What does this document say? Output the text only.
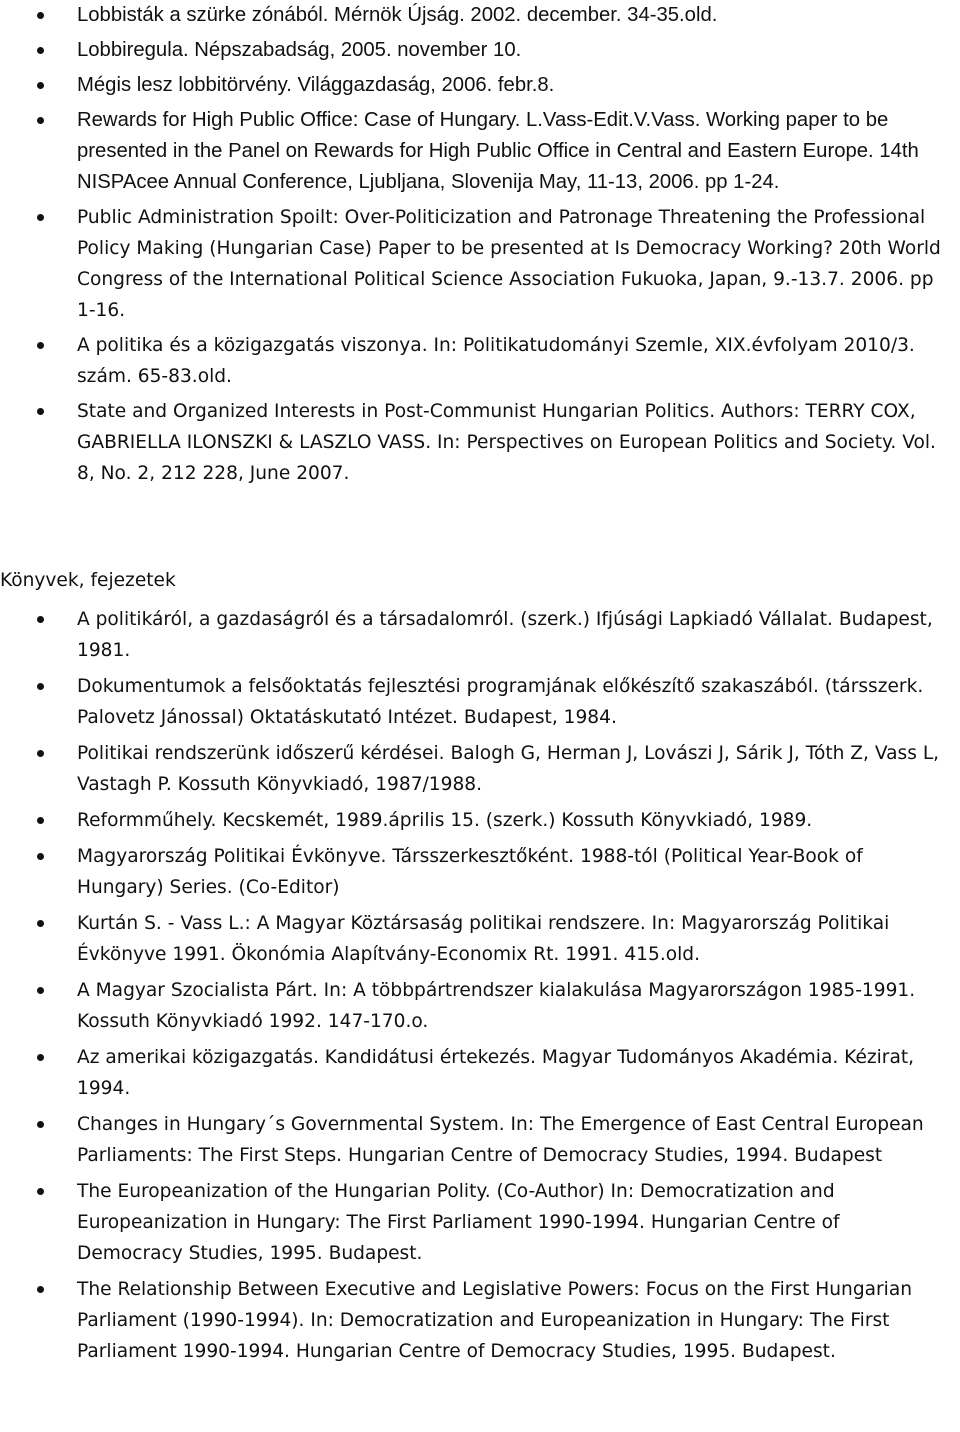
Lobbisták a szürke zónából. Mérnök Újság. 2002. december. 34-35.old.
Lobbiregula. Népszabadság, 2005. november 10.
Mégis lesz lobbitörvény. Világgazdaság, 2006. febr.8.
Rewards for High Public Office: Case of Hungary. L.Vass-Edit.V.Vass. Working paper to be presented in the Panel on Rewards for High Public Office in Central and Eastern Europe. 14th NISPAcee Annual Conference, Ljubljana, Slovenija May, 11-13, 2006. pp 1-24.
Public Administration Spoilt: Over-Politicization and Patronage Threatening the Professional Policy Making (Hungarian Case) Paper to be presented at Is Democracy Working? 20th World Congress of the International Political Science Association Fukuoka, Japan, 9.-13.7. 2006. pp 1-16.
A politika és a közigazgatás viszonya. In: Politikatudományi Szemle, XIX.évfolyam 2010/3. szám. 65-83.old.
State and Organized Interests in Post-Communist Hungarian Politics. Authors: TERRY COX, GABRIELLA ILONSZKI & LASZLO VASS. In: Perspectives on European Politics and Society. Vol. 8, No. 2, 212 228, June 2007.
Könyvek, fejezetek
A politikáról, a gazdaságról és a társadalomról. (szerk.) Ifjúsági Lapkiadó Vállalat. Budapest, 1981.
Dokumentumok a felsőoktatás fejlesztési programjának előkészítő szakaszából. (társszerk. Palovetz Jánossal) Oktatáskutató Intézet. Budapest, 1984.
Politikai rendszerünk időszerű kérdései. Balogh G, Herman J, Lovászi J, Sárik J, Tóth Z, Vass L, Vastagh P. Kossuth Könyvkiadó, 1987/1988.
Reformműhely. Kecskemét, 1989.április 15. (szerk.) Kossuth Könyvkiadó, 1989.
Magyarország Politikai Évkönyve. Társszerkesztőként. 1988-tól (Political Year-Book of Hungary) Series. (Co-Editor)
Kurtán S. - Vass L.: A Magyar Köztársaság politikai rendszere. In: Magyarország Politikai Évkönyve 1991. Ökonómia Alapítvány-Economix Rt. 1991. 415.old.
A Magyar Szocialista Párt. In: A többpártrendszer kialakulása Magyarországon 1985-1991. Kossuth Könyvkiadó 1992. 147-170.o.
Az amerikai közigazgatás. Kandidátusi értekezés. Magyar Tudományos Akadémia. Kézirat, 1994.
Changes in Hungary´s Governmental System. In: The Emergence of East Central European Parliaments: The First Steps. Hungarian Centre of Democracy Studies, 1994. Budapest
The Europeanization of the Hungarian Polity. (Co-Author) In: Democratization and Europeanization in Hungary: The First Parliament 1990-1994. Hungarian Centre of Democracy Studies, 1995. Budapest.
The Relationship Between Executive and Legislative Powers: Focus on the First Hungarian Parliament (1990-1994). In: Democratization and Europeanization in Hungary: The First Parliament 1990-1994. Hungarian Centre of Democracy Studies, 1995. Budapest.
